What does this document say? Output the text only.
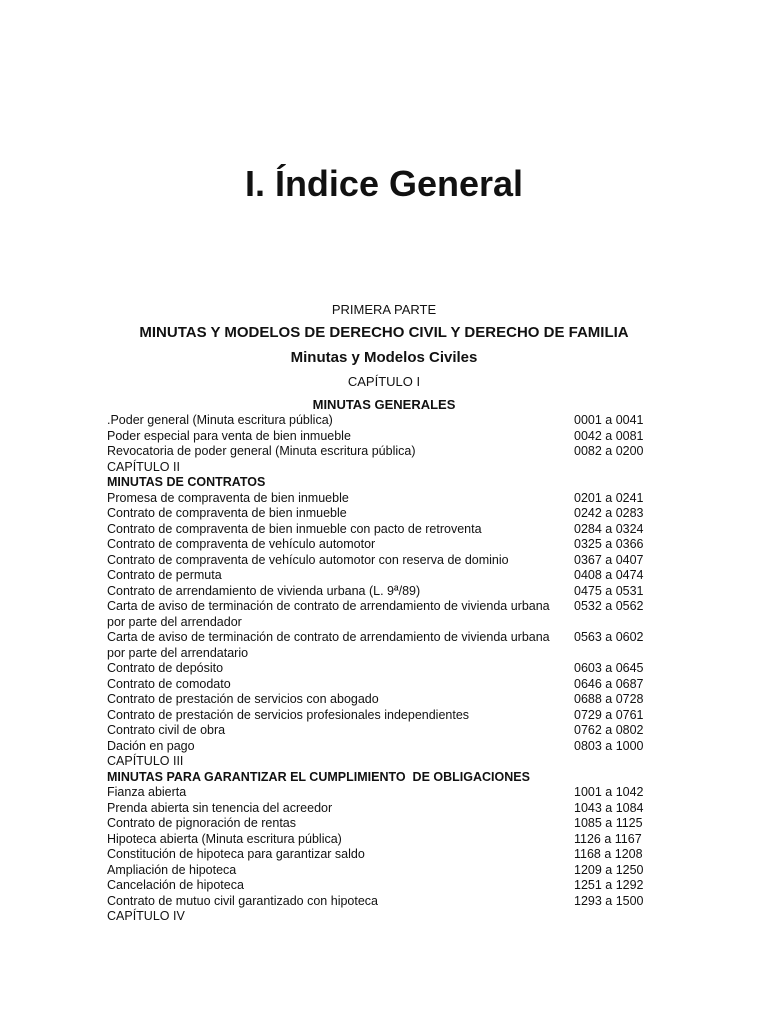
I. Índice General
PRIMERA PARTE
MINUTAS Y MODELOS DE DERECHO CIVIL Y DERECHO DE FAMILIA
Minutas y Modelos Civiles
CAPÍTULO I
MINUTAS GENERALES
.Poder general (Minuta escritura pública)	0001 a 0041
Poder especial para venta de bien inmueble	0042 a 0081
Revocatoria de poder general (Minuta escritura pública)	0082 a 0200
CAPÍTULO II
MINUTAS DE CONTRATOS
Promesa de compraventa de bien inmueble	0201 a 0241
Contrato de compraventa de bien inmueble	0242 a 0283
Contrato de compraventa de bien inmueble con pacto de retroventa	0284 a 0324
Contrato de compraventa de vehículo automotor	0325 a 0366
Contrato de compraventa de vehículo automotor con reserva de dominio	0367 a 0407
Contrato de permuta	0408 a 0474
Contrato de arrendamiento de vivienda urbana (L. 9ª/89)	0475 a 0531
Carta de aviso de terminación de contrato de arrendamiento de vivienda urbana por parte del arrendador
0532 a 0562
Carta de aviso de terminación de contrato de arrendamiento de vivienda urbana por parte del arrendatario
0563 a 0602
Contrato de depósito	0603 a 0645
Contrato de comodato	0646 a 0687
Contrato de prestación de servicios con abogado	0688 a 0728
Contrato de prestación de servicios profesionales independientes	0729 a 0761
Contrato civil de obra	0762 a 0802
Dación en pago	0803 a 1000
CAPÍTULO III
MINUTAS PARA GARANTIZAR EL CUMPLIMIENTO  DE OBLIGACIONES
Fianza abierta	1001 a 1042
Prenda abierta sin tenencia del acreedor	1043 a 1084
Contrato de pignoración de rentas	1085 a 1125
Hipoteca abierta (Minuta escritura pública)	1126 a 1167
Constitución de hipoteca para garantizar saldo	1168 a 1208
Ampliación de hipoteca	1209 a 1250
Cancelación de hipoteca	1251 a 1292
Contrato de mutuo civil garantizado con hipoteca	1293 a 1500
CAPÍTULO IV
